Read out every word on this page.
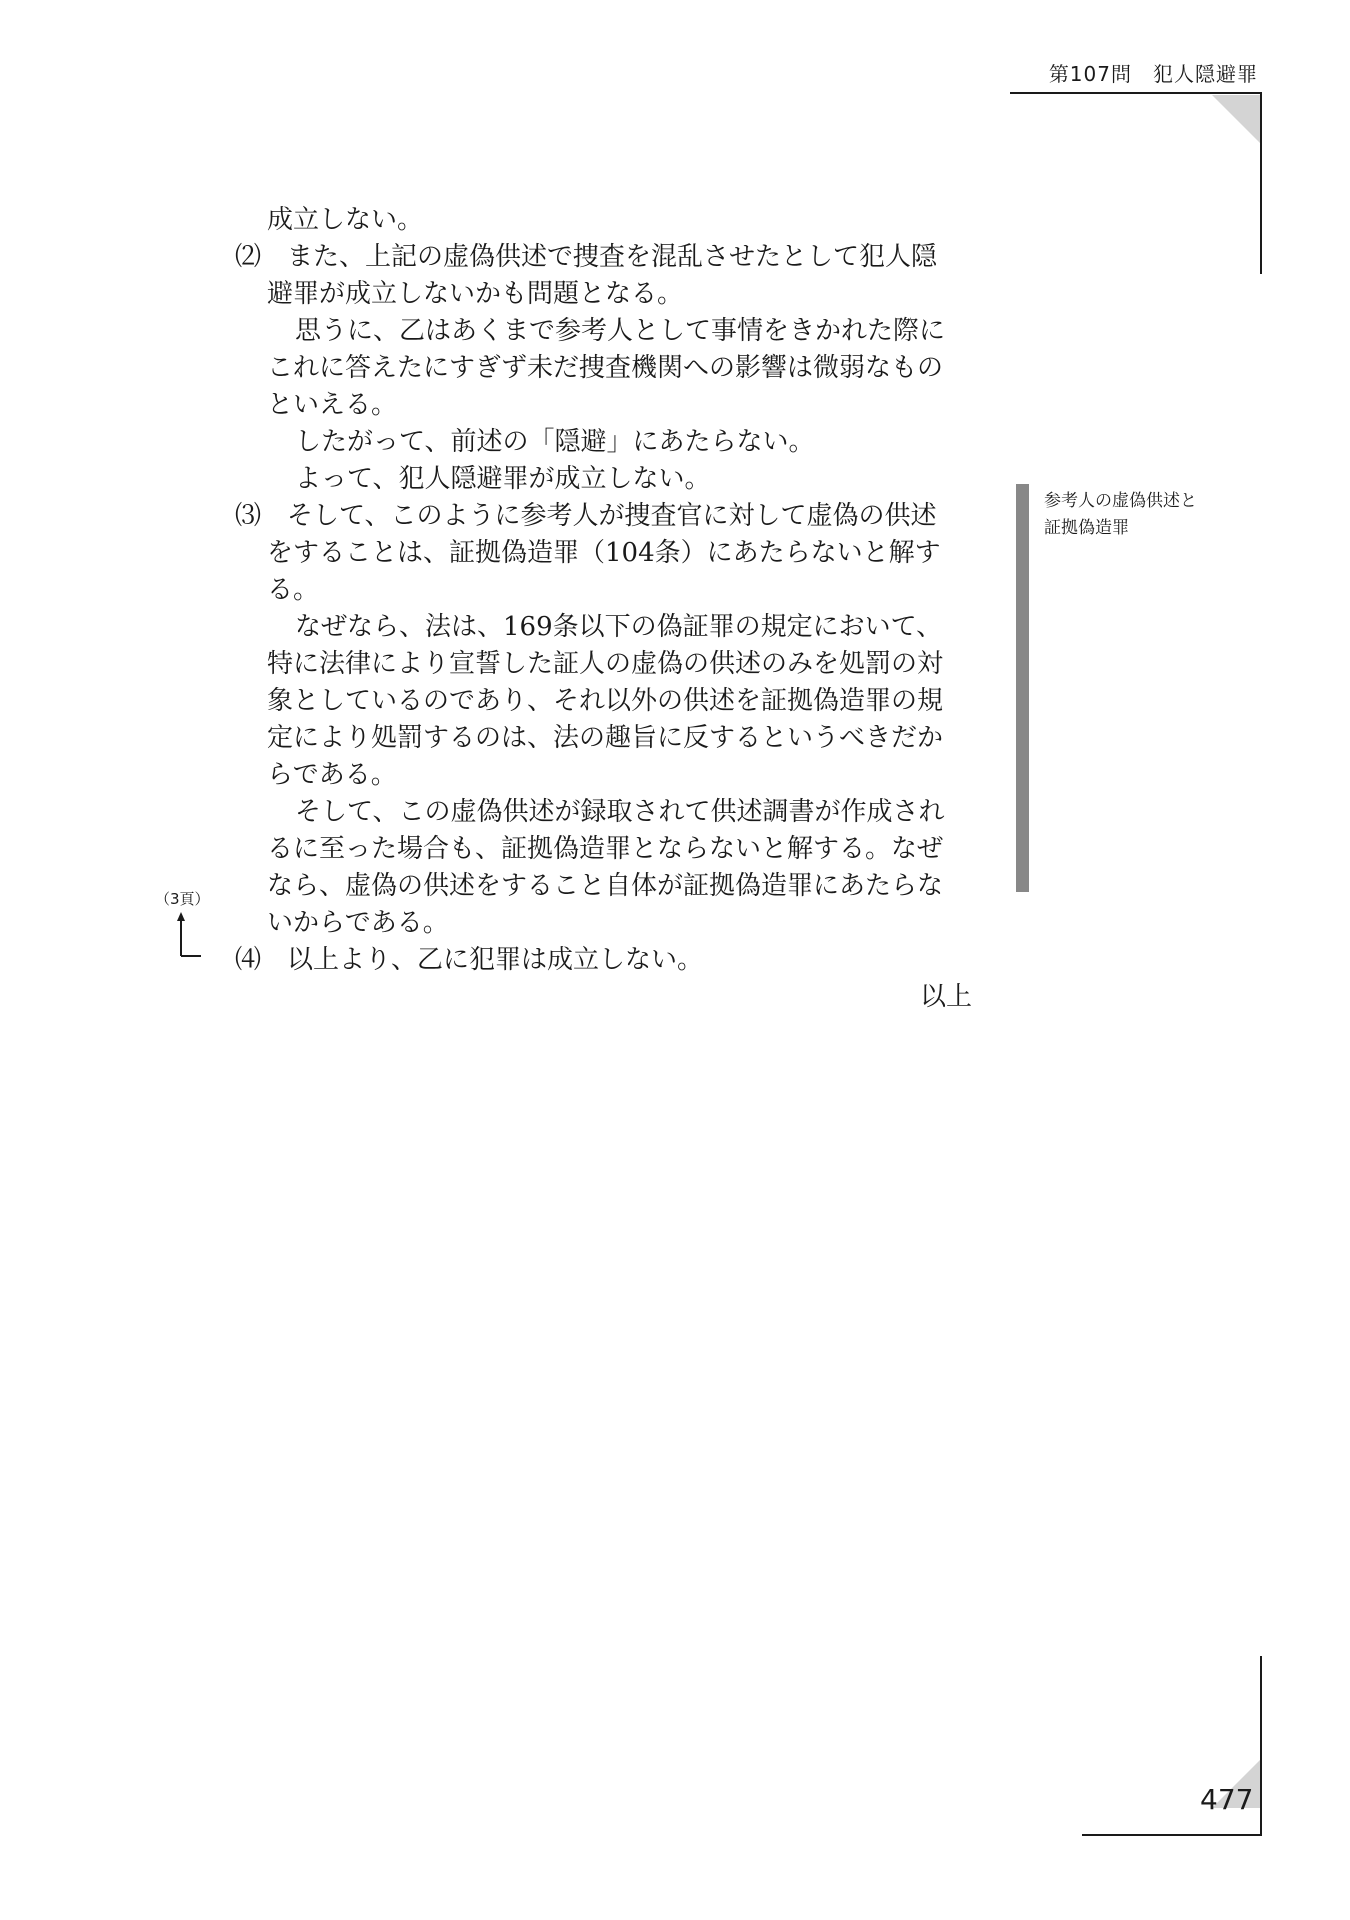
第107問　犯人隠避罪

成立しない。

⑵ また、上記の虚偽供述で捜査を混乱させたとして犯人隠

避罪が成立しないかも問題となる。

思うに、乙はあくまで参考人として事情をきかれた際に

これに答えたにすぎず未だ捜査機関への影響は微弱なもの

といえる。

したがって、前述の「隠避」にあたらない。

よって、犯人隠避罪が成立しない。

⑶ そして、このように参考人が捜査官に対して虚偽の供述

をすることは、証拠偽造罪（104条）にあたらないと解す

る。

なぜなら、法は、169条以下の偽証罪の規定において、

特に法律により宣誓した証人の虚偽の供述のみを処罰の対

象としているのであり、それ以外の供述を証拠偽造罪の規

定により処罰するのは、法の趣旨に反するというべきだか

らである。

そして、この虚偽供述が録取されて供述調書が作成され

るに至った場合も、証拠偽造罪とならないと解する。なぜ

なら、虚偽の供述をすること自体が証拠偽造罪にあたらな

いからである。

⑷ 以上より、乙に犯罪は成立しない。

以上

参考人の虚偽供述と
証拠偽造罪
（3頁）
477
